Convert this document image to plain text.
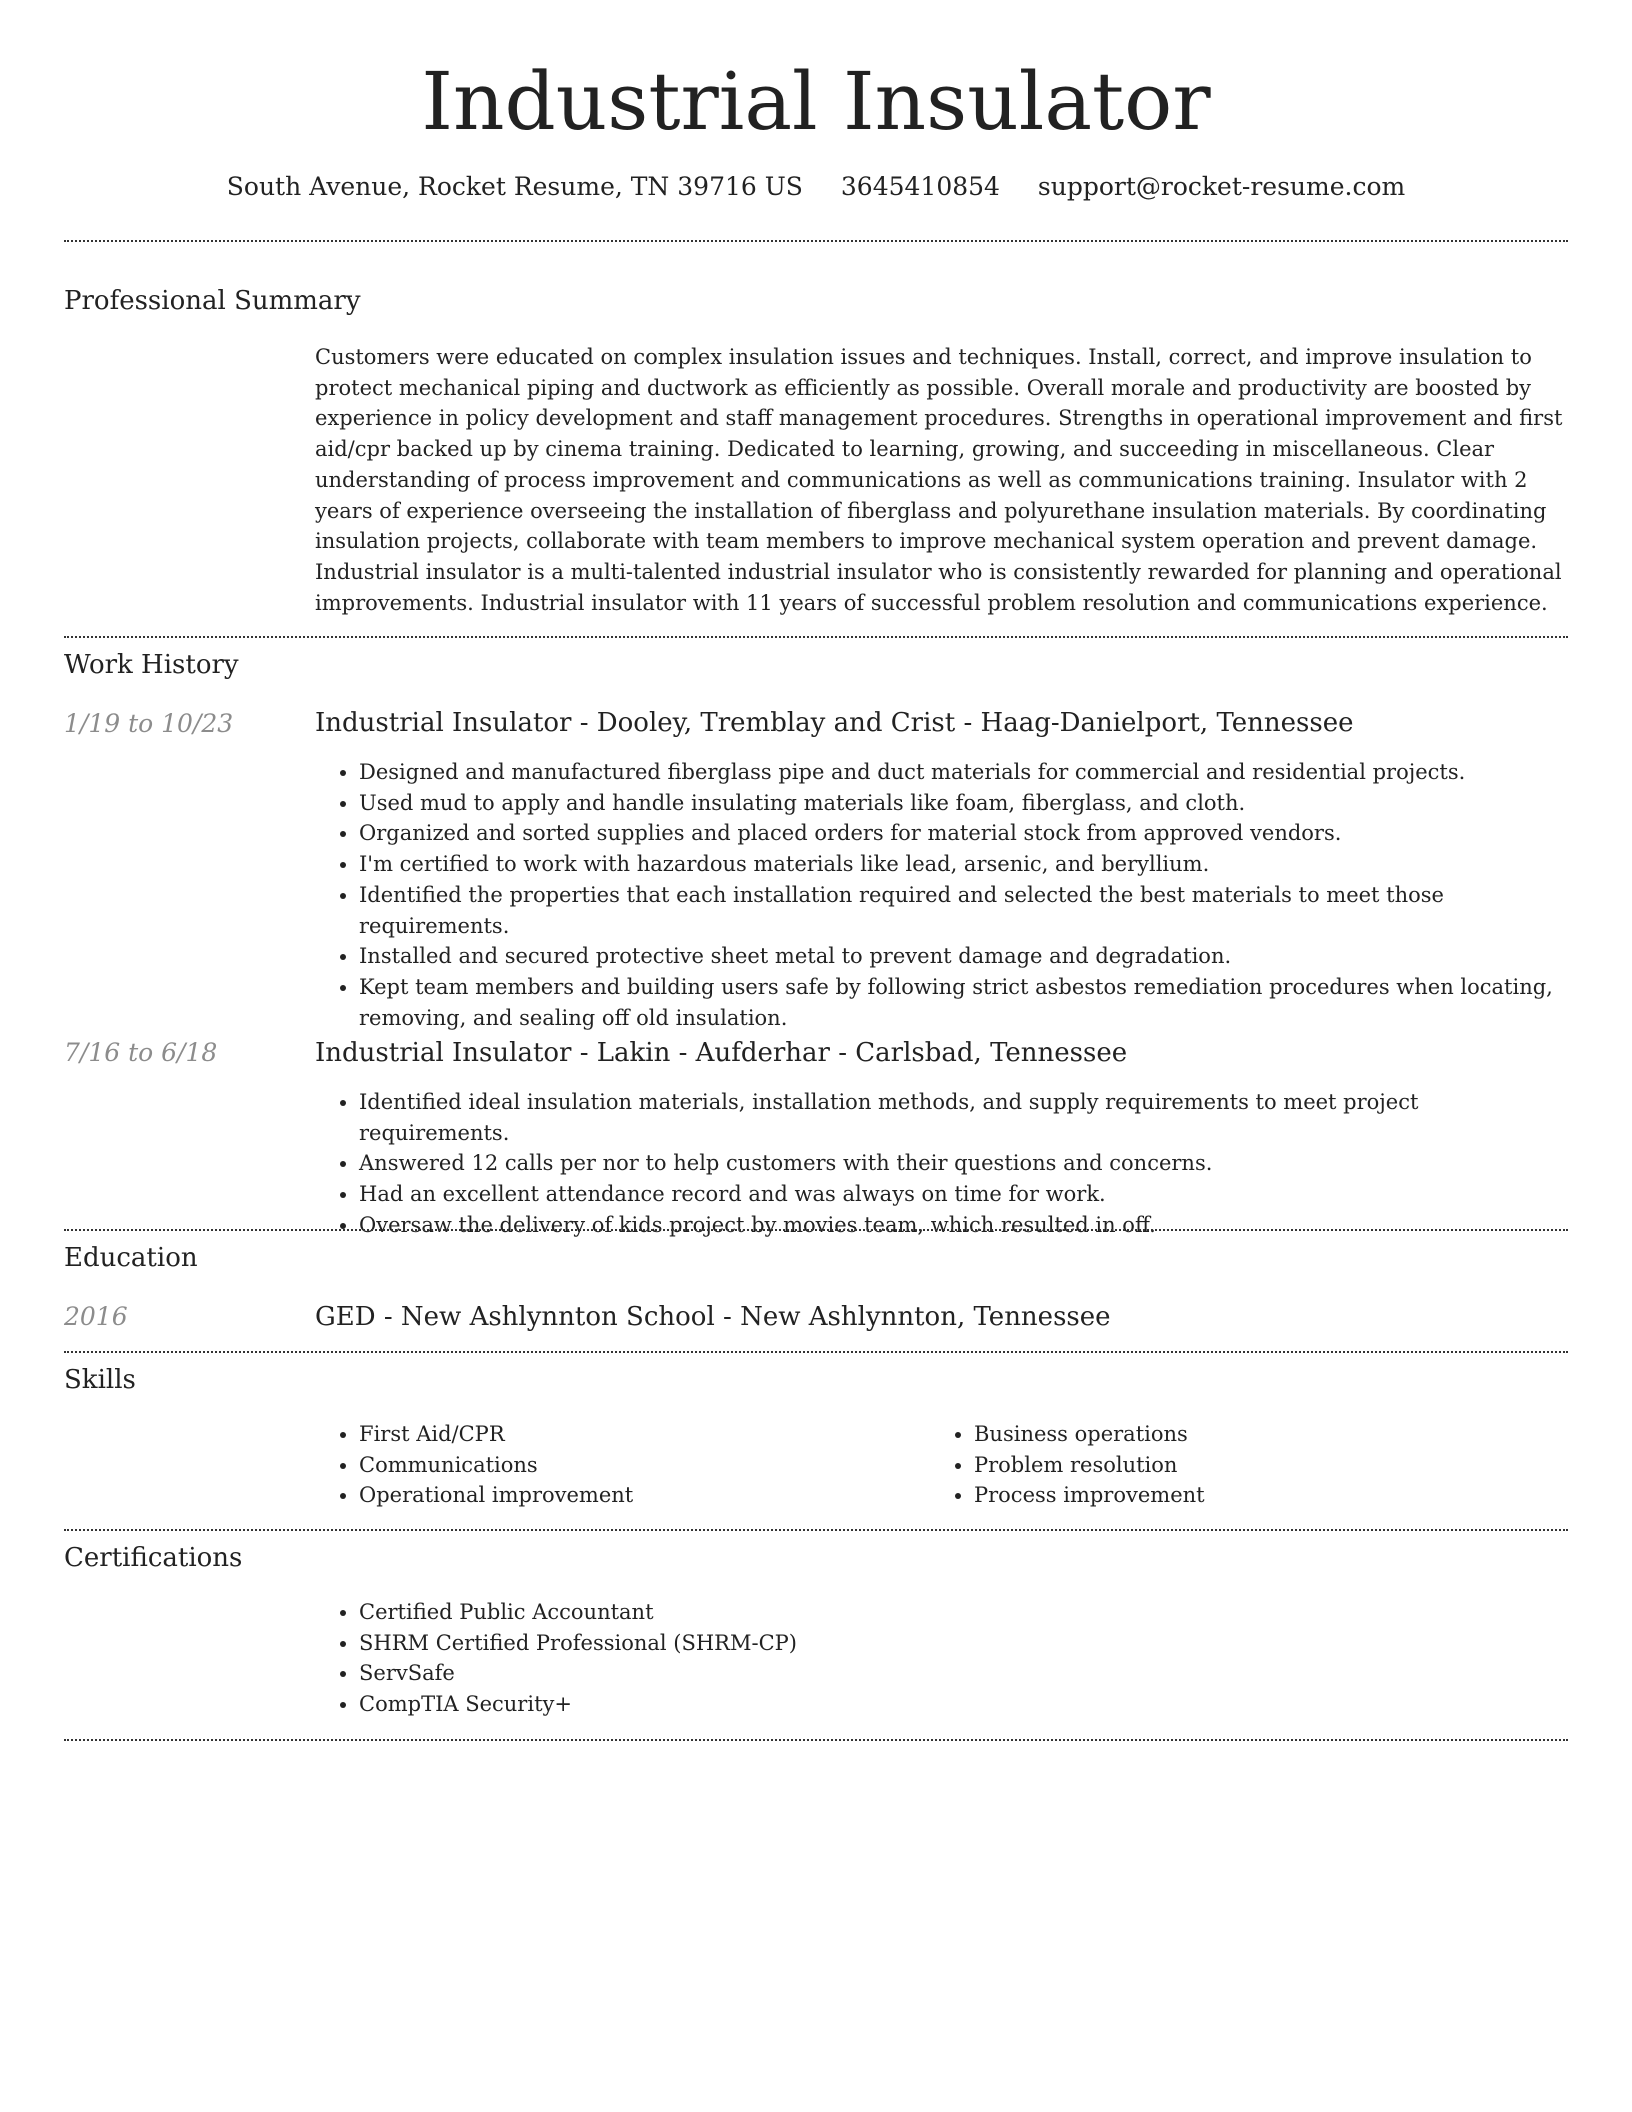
Industrial Insulator
South Avenue, Rocket Resume, TN 39716 US 3645410854 support@rocket-resume.com
Professional Summary

Customers were educated on complex insulation issues and techniques. Install, correct, and improve insulation to protect mechanical piping and ductwork as efficiently as possible. Overall morale and productivity are boosted by experience in policy development and staff management procedures. Strengths in operational improvement and first aid/cpr backed up by cinema training. Dedicated to learning, growing, and succeeding in miscellaneous. Clear understanding of process improvement and communications as well as communications training. Insulator with 2 years of experience overseeing the installation of fiberglass and polyurethane insulation materials. By coordinating insulation projects, collaborate with team members to improve mechanical system operation and prevent damage. Industrial insulator is a multi-talented industrial insulator who is consistently rewarded for planning and operational improvements. Industrial insulator with 11 years of successful problem resolution and communications experience.

Work History
1/19 to 10/23	Industrial Insulator - Dooley, Tremblay and Crist - Haag-Danielport, Tennessee
• Designed and manufactured fiberglass pipe and duct materials for commercial and residential projects.
• Used mud to apply and handle insulating materials like foam, fiberglass, and cloth.
• Organized and sorted supplies and placed orders for material stock from approved vendors.
• I'm certified to work with hazardous materials like lead, arsenic, and beryllium.
• Identified the properties that each installation required and selected the best materials to meet those requirements.
• Installed and secured protective sheet metal to prevent damage and degradation.
• Kept team members and building users safe by following strict asbestos remediation procedures when locating, removing, and sealing off old insulation.
7/16 to 6/18	Industrial Insulator - Lakin - Aufderhar - Carlsbad, Tennessee
• Identified ideal insulation materials, installation methods, and supply requirements to meet project requirements.
• Answered 12 calls per nor to help customers with their questions and concerns.
• Had an excellent attendance record and was always on time for work.
• Oversaw the delivery of kids project by movies team, which resulted in off.
Education
2016	GED - New Ashlynnton School - New Ashlynnton, Tennessee
Skills
• First Aid/CPR
• Communications
• Operational improvement
• Business operations
• Problem resolution
• Process improvement
Certifications
• Certified Public Accountant
• SHRM Certified Professional (SHRM-CP)
• ServSafe
• CompTIA Security+
